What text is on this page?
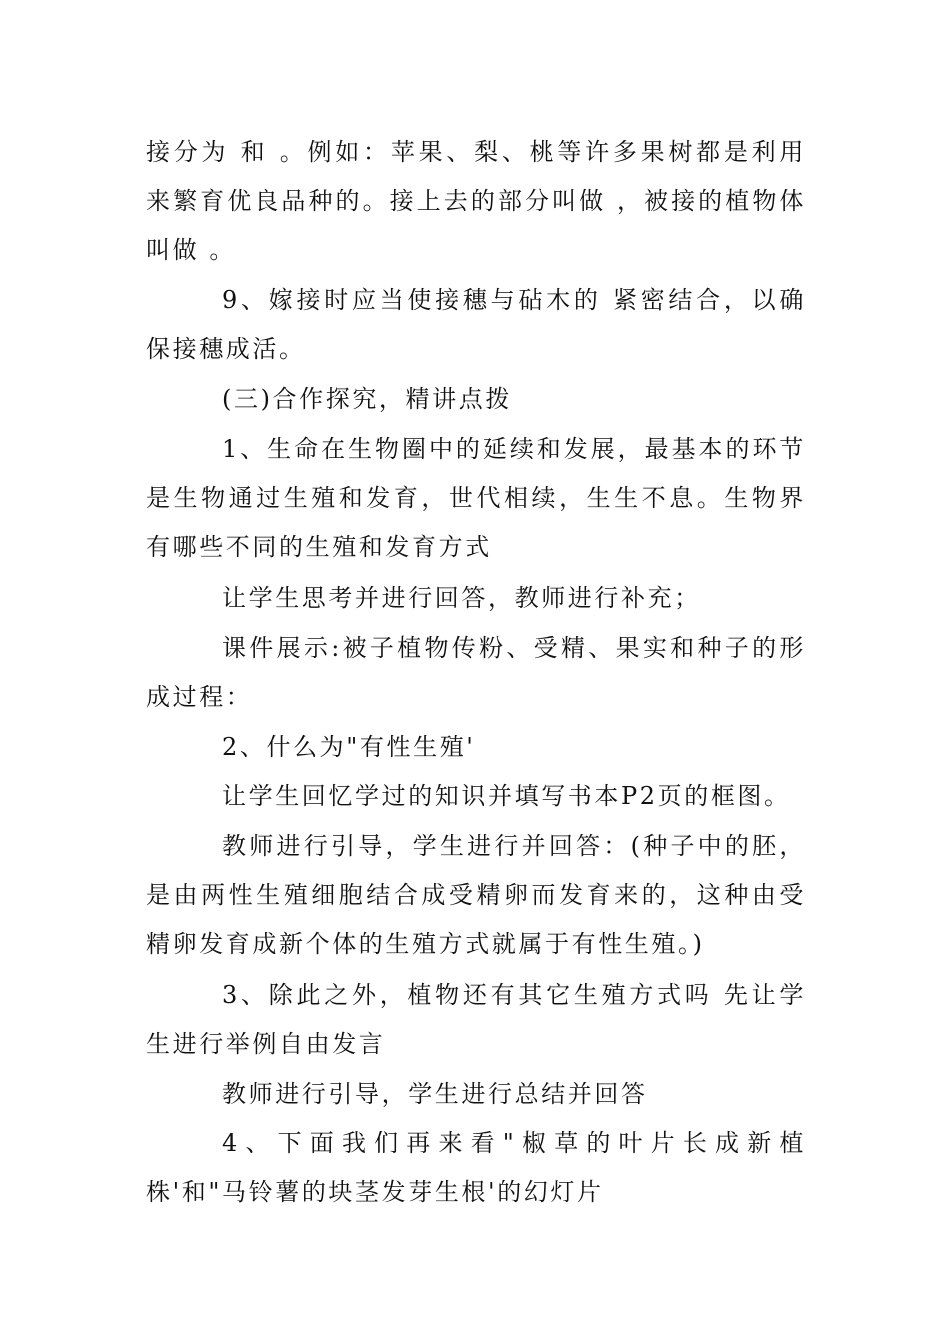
接分为 和 。例如：苹果、梨、桃等许多果树都是利用 来繁育优良品种的。接上去的部分叫做 ，被接的植物体叫做 。

9、嫁接时应当使接穗与砧木的 紧密结合，以确保接穗成活。

(三)合作探究，精讲点拨

1、生命在生物圈中的延续和发展，最基本的环节是生物通过生殖和发育，世代相续，生生不息。生物界有哪些不同的生殖和发育方式

让学生思考并进行回答，教师进行补充；

课件展示:被子植物传粉、受精、果实和种子的形成过程：

2、什么为"有性生殖'

让学生回忆学过的知识并填写书本P2页的框图。

教师进行引导，学生进行并回答：(种子中的胚，是由两性生殖细胞结合成受精卵而发育来的，这种由受精卵发育成新个体的生殖方式就属于有性生殖。)

3、除此之外，植物还有其它生殖方式吗 先让学生进行举例自由发言

教师进行引导，学生进行总结并回答

4、下面我们再来看"椒草的叶片长成新植株'和"马铃薯的块茎发芽生根'的幻灯片
